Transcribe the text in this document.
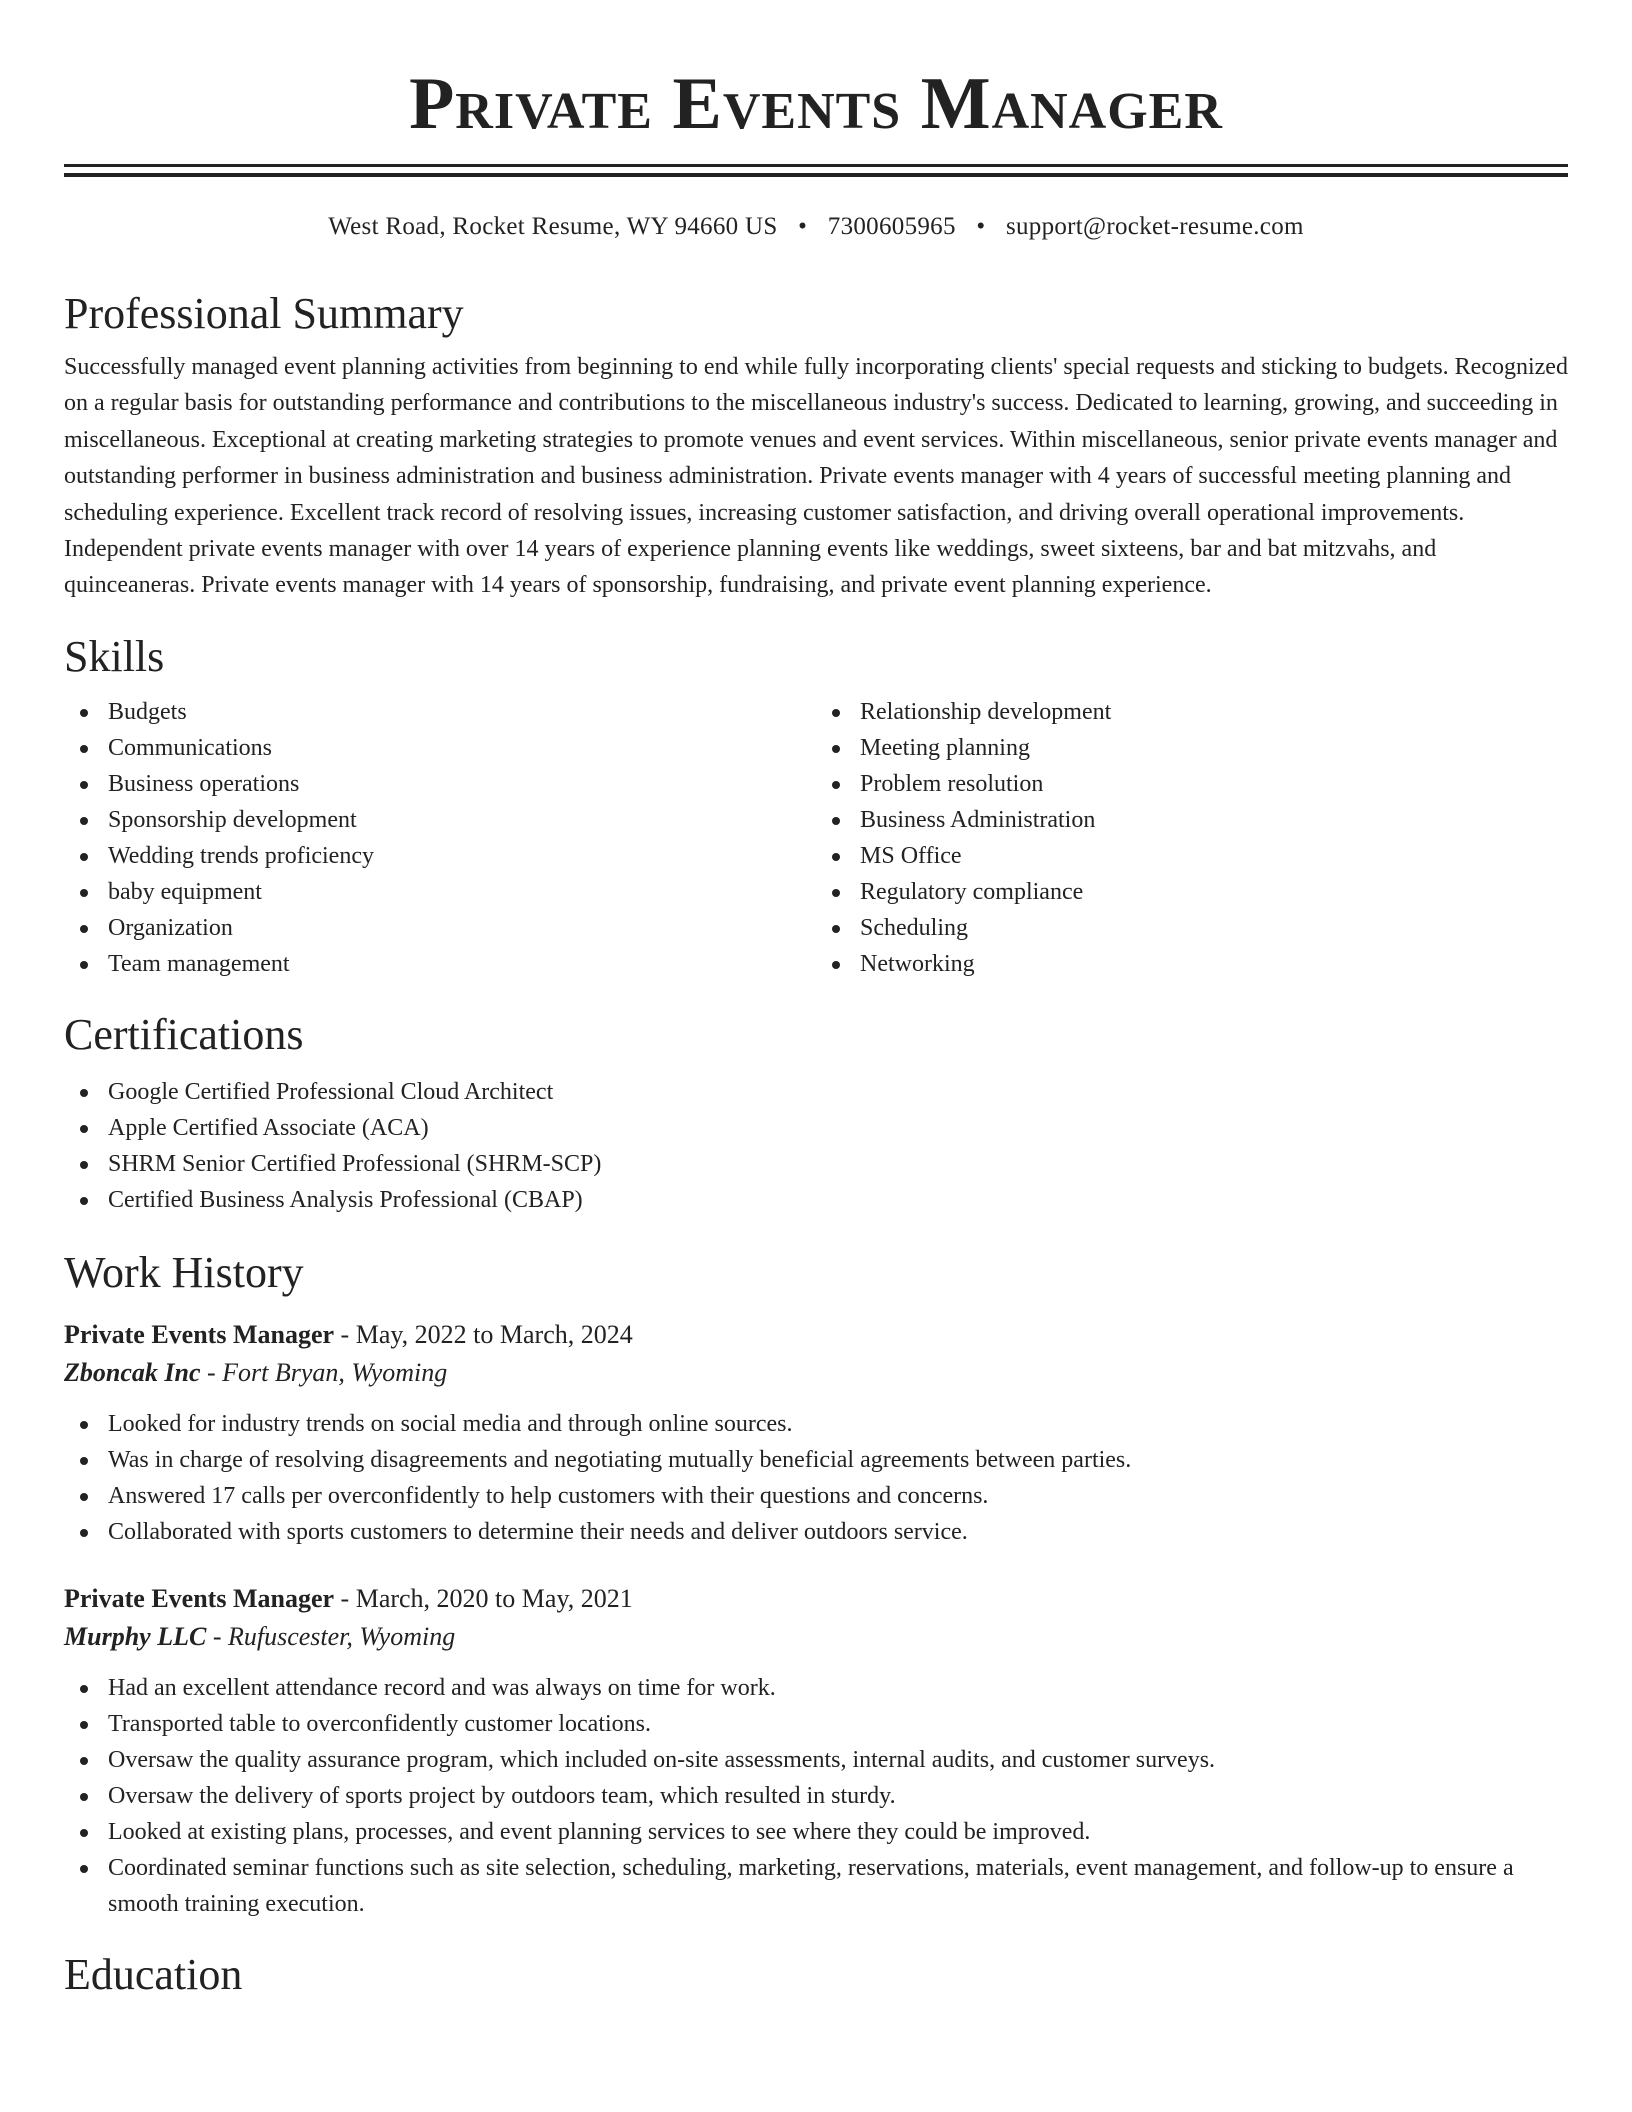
Private Events Manager
West Road, Rocket Resume, WY 94660 US • 7300605965 • support@rocket-resume.com
Professional Summary
Successfully managed event planning activities from beginning to end while fully incorporating clients' special requests and sticking to budgets. Recognized on a regular basis for outstanding performance and contributions to the miscellaneous industry's success. Dedicated to learning, growing, and succeeding in miscellaneous. Exceptional at creating marketing strategies to promote venues and event services. Within miscellaneous, senior private events manager and outstanding performer in business administration and business administration. Private events manager with 4 years of successful meeting planning and scheduling experience. Excellent track record of resolving issues, increasing customer satisfaction, and driving overall operational improvements. Independent private events manager with over 14 years of experience planning events like weddings, sweet sixteens, bar and bat mitzvahs, and quinceaneras. Private events manager with 14 years of sponsorship, fundraising, and private event planning experience.
Skills
Budgets
Communications
Business operations
Sponsorship development
Wedding trends proficiency
baby equipment
Organization
Team management
Relationship development
Meeting planning
Problem resolution
Business Administration
MS Office
Regulatory compliance
Scheduling
Networking
Certifications
Google Certified Professional Cloud Architect
Apple Certified Associate (ACA)
SHRM Senior Certified Professional (SHRM-SCP)
Certified Business Analysis Professional (CBAP)
Work History
Private Events Manager - May, 2022 to March, 2024
Zboncak Inc - Fort Bryan, Wyoming
Looked for industry trends on social media and through online sources.
Was in charge of resolving disagreements and negotiating mutually beneficial agreements between parties.
Answered 17 calls per overconfidently to help customers with their questions and concerns.
Collaborated with sports customers to determine their needs and deliver outdoors service.
Private Events Manager - March, 2020 to May, 2021
Murphy LLC - Rufuscester, Wyoming
Had an excellent attendance record and was always on time for work.
Transported table to overconfidently customer locations.
Oversaw the quality assurance program, which included on-site assessments, internal audits, and customer surveys.
Oversaw the delivery of sports project by outdoors team, which resulted in sturdy.
Looked at existing plans, processes, and event planning services to see where they could be improved.
Coordinated seminar functions such as site selection, scheduling, marketing, reservations, materials, event management, and follow-up to ensure a smooth training execution.
Education
